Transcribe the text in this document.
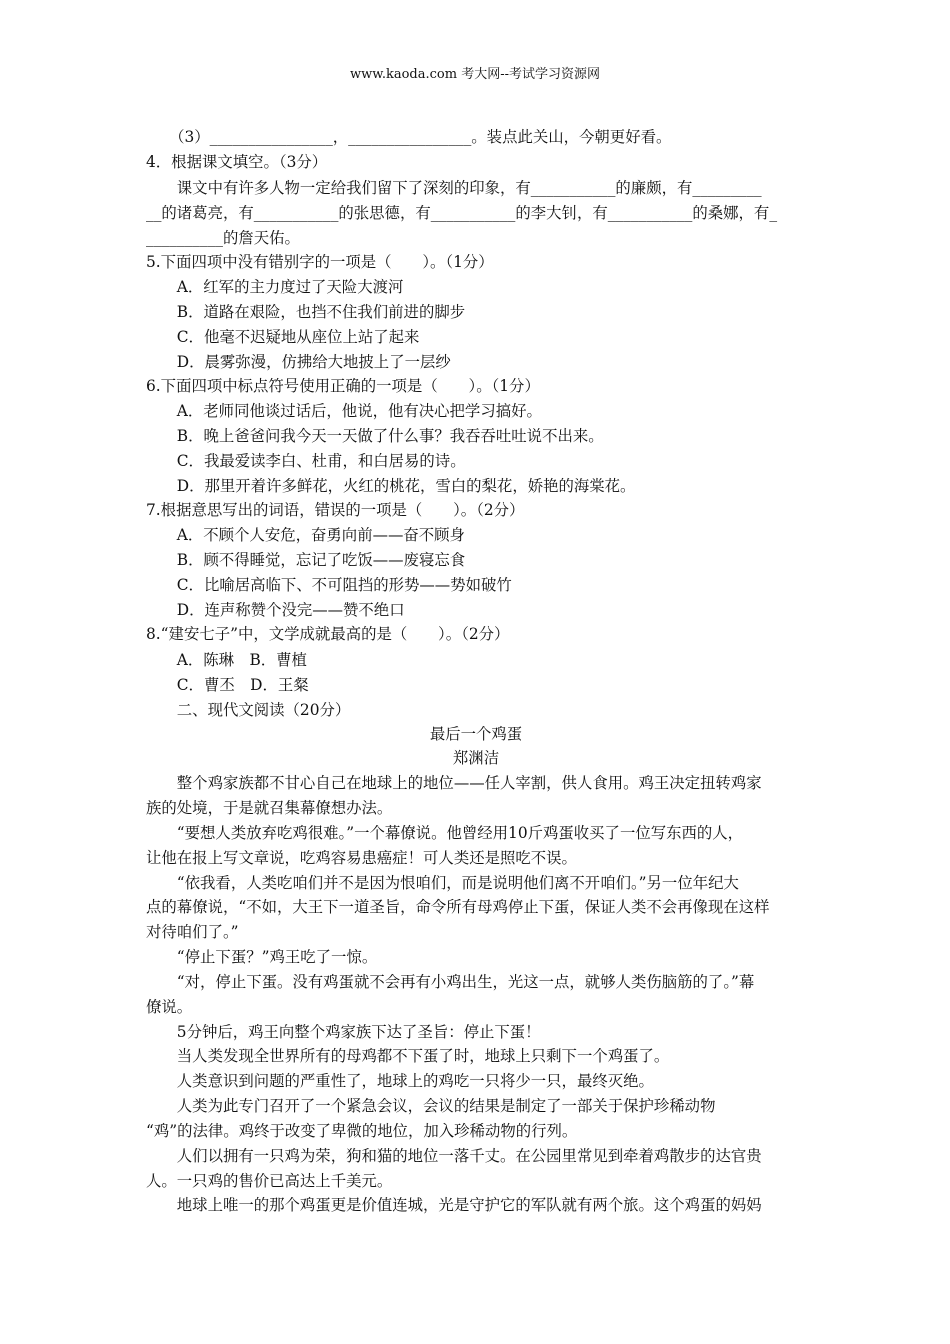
www.kaoda.com 考大网--考试学习资源网
　　（3）________________，________________。装点此关山，今朝更好看。
4．根据课文填空。（3分）
　　课文中有许多人物一定给我们留下了深刻的印象，有___________的廉颇，有_________
__的诸葛亮，有___________的张思德，有___________的李大钊，有___________的桑娜，有_
__________的詹天佑。
5.下面四项中没有错别字的一项是（　　）。（1分）
　　A．红军的主力度过了天险大渡河
　　B．道路在艰险，也挡不住我们前进的脚步
　　C．他毫不迟疑地从座位上站了起来
　　D．晨雾弥漫，仿拂给大地披上了一层纱
6.下面四项中标点符号使用正确的一项是（　　）。（1分）
　　A．老师同他谈过话后，他说，他有决心把学习搞好。
　　B．晚上爸爸问我今天一天做了什么事？我吞吞吐吐说不出来。
　　C．我最爱读李白、杜甫，和白居易的诗。
　　D．那里开着许多鲜花，火红的桃花，雪白的梨花，娇艳的海棠花。
7.根据意思写出的词语，错误的一项是（　　）。（2分）
　　A．不顾个人安危，奋勇向前——奋不顾身
　　B．顾不得睡觉，忘记了吃饭——废寝忘食
　　C．比喻居高临下、不可阻挡的形势——势如破竹
　　D．连声称赞个没完——赞不绝口
8.“建安七子”中，文学成就最高的是（　　）。（2分）
　　A．陈琳　B．曹植
　　C．曹丕　D．王粲
　　二、现代文阅读（20分）
最后一个鸡蛋
郑渊洁
　　整个鸡家族都不甘心自己在地球上的地位——任人宰割，供人食用。鸡王决定扭转鸡家
族的处境，于是就召集幕僚想办法。
　　“要想人类放弃吃鸡很难。”一个幕僚说。他曾经用10斤鸡蛋收买了一位写东西的人，
让他在报上写文章说，吃鸡容易患癌症！可人类还是照吃不误。
　　“依我看，人类吃咱们并不是因为恨咱们，而是说明他们离不开咱们。”另一位年纪大
点的幕僚说，“不如，大王下一道圣旨，命令所有母鸡停止下蛋，保证人类不会再像现在这样
对待咱们了。”
　　“停止下蛋？”鸡王吃了一惊。
　　“对，停止下蛋。没有鸡蛋就不会再有小鸡出生，光这一点，就够人类伤脑筋的了。”幕
僚说。
　　5分钟后，鸡王向整个鸡家族下达了圣旨：停止下蛋！
　　当人类发现全世界所有的母鸡都不下蛋了时，地球上只剩下一个鸡蛋了。
　　人类意识到问题的严重性了，地球上的鸡吃一只将少一只，最终灭绝。
　　人类为此专门召开了一个紧急会议，会议的结果是制定了一部关于保护珍稀动物
“鸡”的法律。鸡终于改变了卑微的地位，加入珍稀动物的行列。
　　人们以拥有一只鸡为荣，狗和猫的地位一落千丈。在公园里常见到牵着鸡散步的达官贵
人。一只鸡的售价已高达上千美元。
　　地球上唯一的那个鸡蛋更是价值连城，光是守护它的军队就有两个旅。这个鸡蛋的妈妈
